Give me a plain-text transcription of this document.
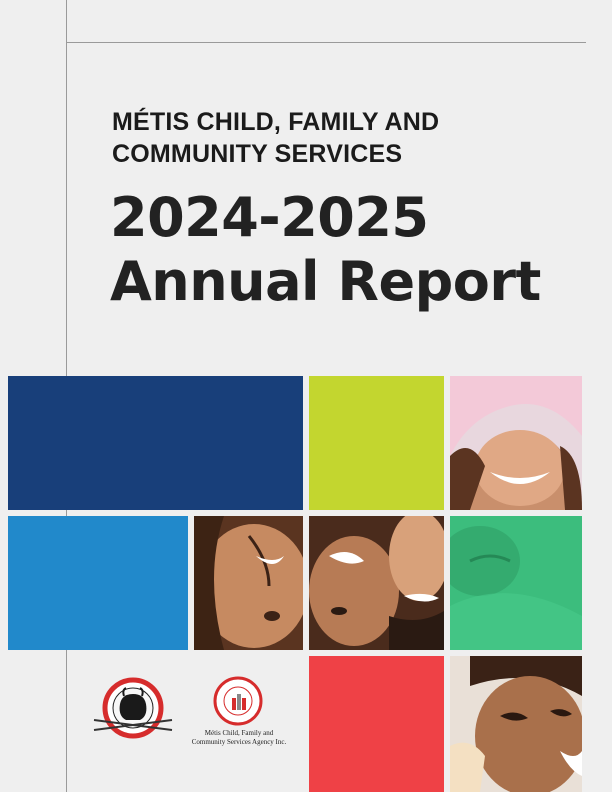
MÉTIS CHILD, FAMILY AND
COMMUNITY SERVICES
2024-2025
Annual Report
Métis Child, Family and
Community Services Agency Inc.
